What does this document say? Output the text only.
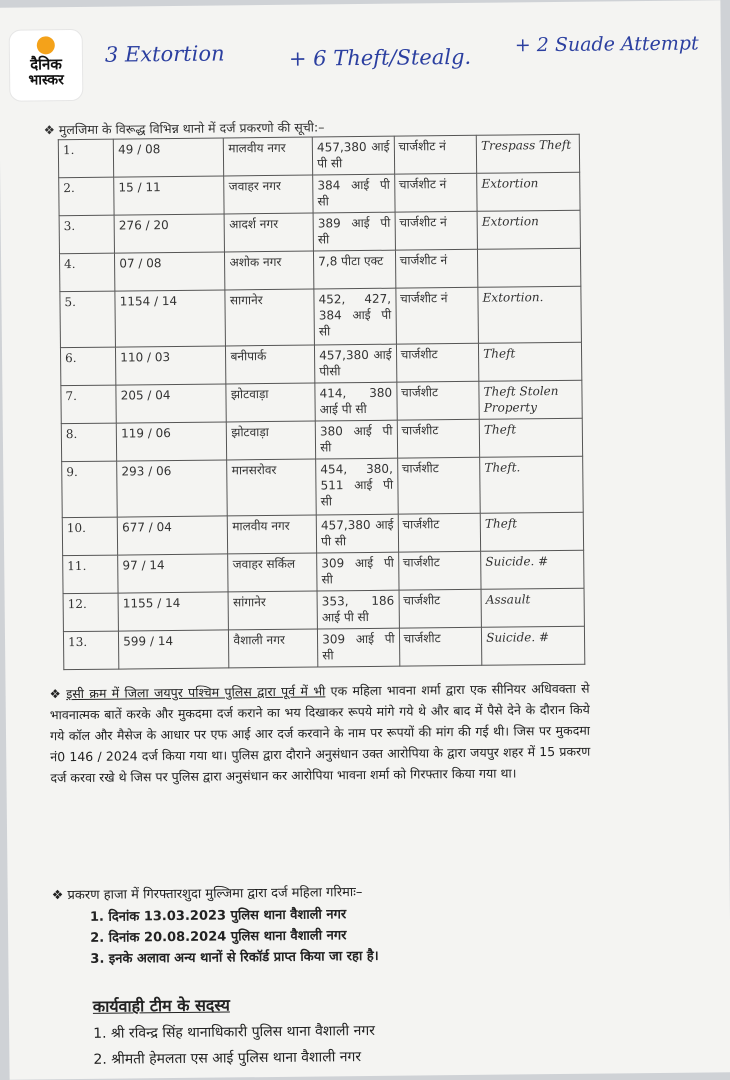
दैनिक
भास्कर
3 Extortion	+ 6 Theft/Stealg.
+ 2 Suade Attempt
❖ मुलजिमा के विरूद्ध विभिन्न थानो में दर्ज प्रकरणो की सूची:–
1.	49 / 08	मालवीय नगर	457,380 आई पी सी	चार्जशीट नं	Trespass Theft
2.	15 / 11	जवाहर नगर	384 आई पी सी	चार्जशीट नं	Extortion
3.	276 / 20	आदर्श नगर	389 आई पी सी	चार्जशीट नं	Extortion
4.	07 / 08	अशोक नगर	7,8 पीटा एक्ट	चार्जशीट नं	
5.	1154 / 14	सागानेर	452, 427, 384 आई पी सी	चार्जशीट नं	Extortion.
6.	110 / 03	बनीपार्क	457,380 आई पीसी	चार्जशीट	Theft
7.	205 / 04	झोटवाड़ा	414, 380 आई पी सी	चार्जशीट	Theft Stolen Property
8.	119 / 06	झोटवाड़ा	380 आई पी सी	चार्जशीट	Theft
9.	293 / 06	मानसरोवर	454, 380, 511 आई पी सी	चार्जशीट	Theft.
10.	677 / 04	मालवीय नगर	457,380 आई पी सी	चार्जशीट	Theft
11.	97 / 14	जवाहर सर्किल	309 आई पी सी	चार्जशीट	Suicide. #
12.	1155 / 14	सांगानेर	353, 186 आई पी सी	चार्जशीट	Assault
13.	599 / 14	वैशाली नगर	309 आई पी सी	चार्जशीट	Suicide. #
❖ इसी क्रम में जिला जयपुर पश्चिम पुलिस द्वारा पूर्व में भी एक महिला भावना शर्मा द्वारा एक सीनियर अधिवक्ता से भावनात्मक बातें करके और मुकदमा दर्ज कराने का भय दिखाकर रूपये मांगे गये थे और बाद में पैसे देने के दौरान किये गये कॉल और मैसेज के आधार पर एफ आई आर दर्ज करवाने के नाम पर रूपयों की मांग की गई थी। जिस पर मुकदमा नं0 146 / 2024 दर्ज किया गया था। पुलिस द्वारा दौराने अनुसंधान उक्त आरोपिया के द्वारा जयपुर शहर में 15 प्रकरण दर्ज करवा रखे थे जिस पर पुलिस द्वारा अनुसंधान कर आरोपिया भावना शर्मा को गिरफ्तार किया गया था।
❖ प्रकरण हाजा में गिरफ्तारशुदा मुल्जिमा द्वारा दर्ज महिला गरिमाः–
1. दिनांक 13.03.2023 पुलिस थाना वैशाली नगर
2. दिनांक 20.08.2024 पुलिस थाना वैशाली नगर
3. इनके अलावा अन्य थानों से रिकॉर्ड प्राप्त किया जा रहा है।
कार्यवाही टीम के सदस्य
1. श्री रविन्द्र सिंह थानाधिकारी पुलिस थाना वैशाली नगर
2. श्रीमती हेमलता एस आई पुलिस थाना वैशाली नगर
